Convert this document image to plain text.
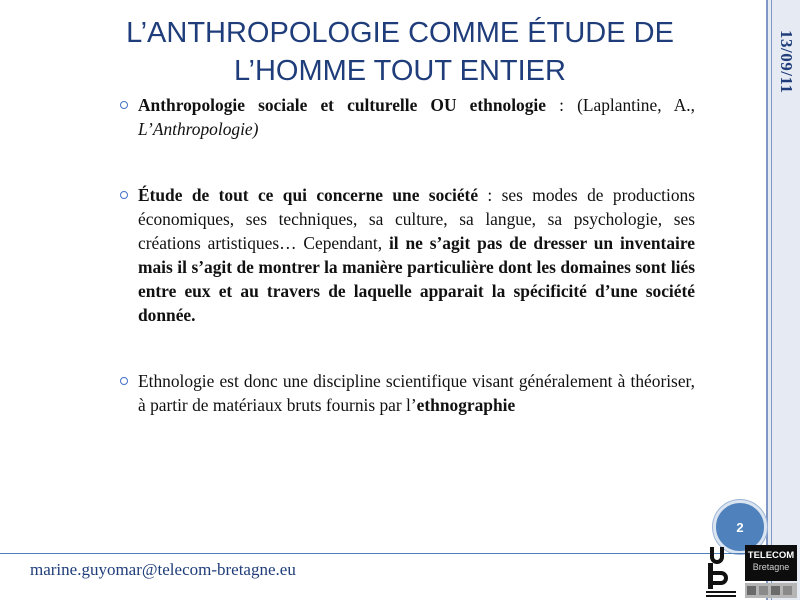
13/09/11
L’ANTHROPOLOGIE COMME ÉTUDE DE
L’HOMME TOUT ENTIER
Anthropologie sociale et culturelle OU ethnologie : (Laplantine, A., L’Anthropologie)
Étude de tout ce qui concerne une société : ses modes de productions économiques, ses techniques, sa culture, sa langue, sa psychologie, ses créations artistiques… Cependant, il ne s’agit pas de dresser un inventaire mais il s’agit de montrer la manière particulière dont les domaines sont liés entre eux et au travers de laquelle apparait la spécificité d’une société donnée.
Ethnologie est donc une discipline scientifique visant généralement à théoriser, à partir de matériaux bruts fournis par l’ethnographie
2
marine.guyomar@telecom-bretagne.eu
TELECOM
Bretagne
